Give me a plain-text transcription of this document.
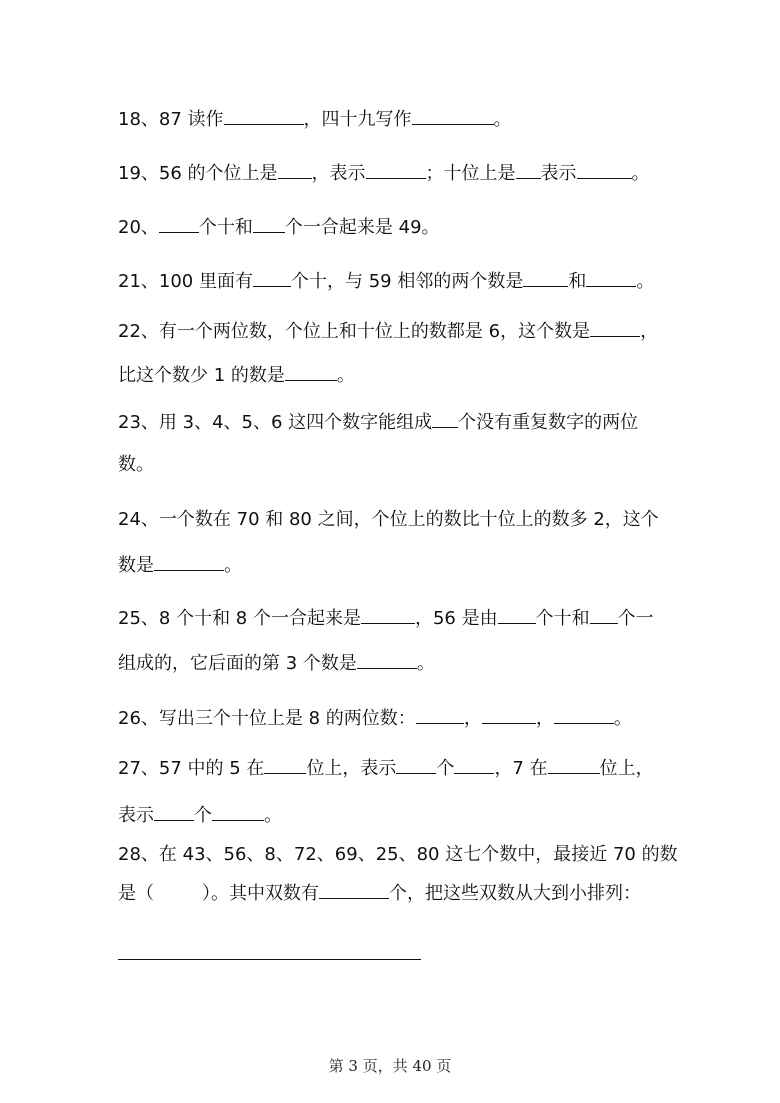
18、87 读作	，四十九写作	。
19、56 的个位上是 ，表示	；十位上是 表示	。
20、 个十和 个一合起来是 49。
21、100 里面有 个十，与 59 相邻的两个数是	和	。
22、有一个两位数，个位上和十位上的数都是 6，这个数是	，
比这个数少 1 的数是	。
23、用 3、4、5、6 这四个数字能组成 个没有重复数字的两位
数。
24、一个数在 70 和 80 之间，个位上的数比十位上的数多 2，这个
数是	。
25、8 个十和 8 个一合起来是	，56 是由 个十和 个一
组成的，它后面的第 3 个数是	。
26、写出三个十位上是 8 的两位数：	，	，	。
27、57 中的 5 在 位上，表示 个 ，7 在	位上，
表示 个	。
28、在 43、56、8、72、69、25、80 这七个数中，最接近 70 的数
是（	）。其中双数有	个，把这些双数从大到小排列：
第 3 页，共 40 页
